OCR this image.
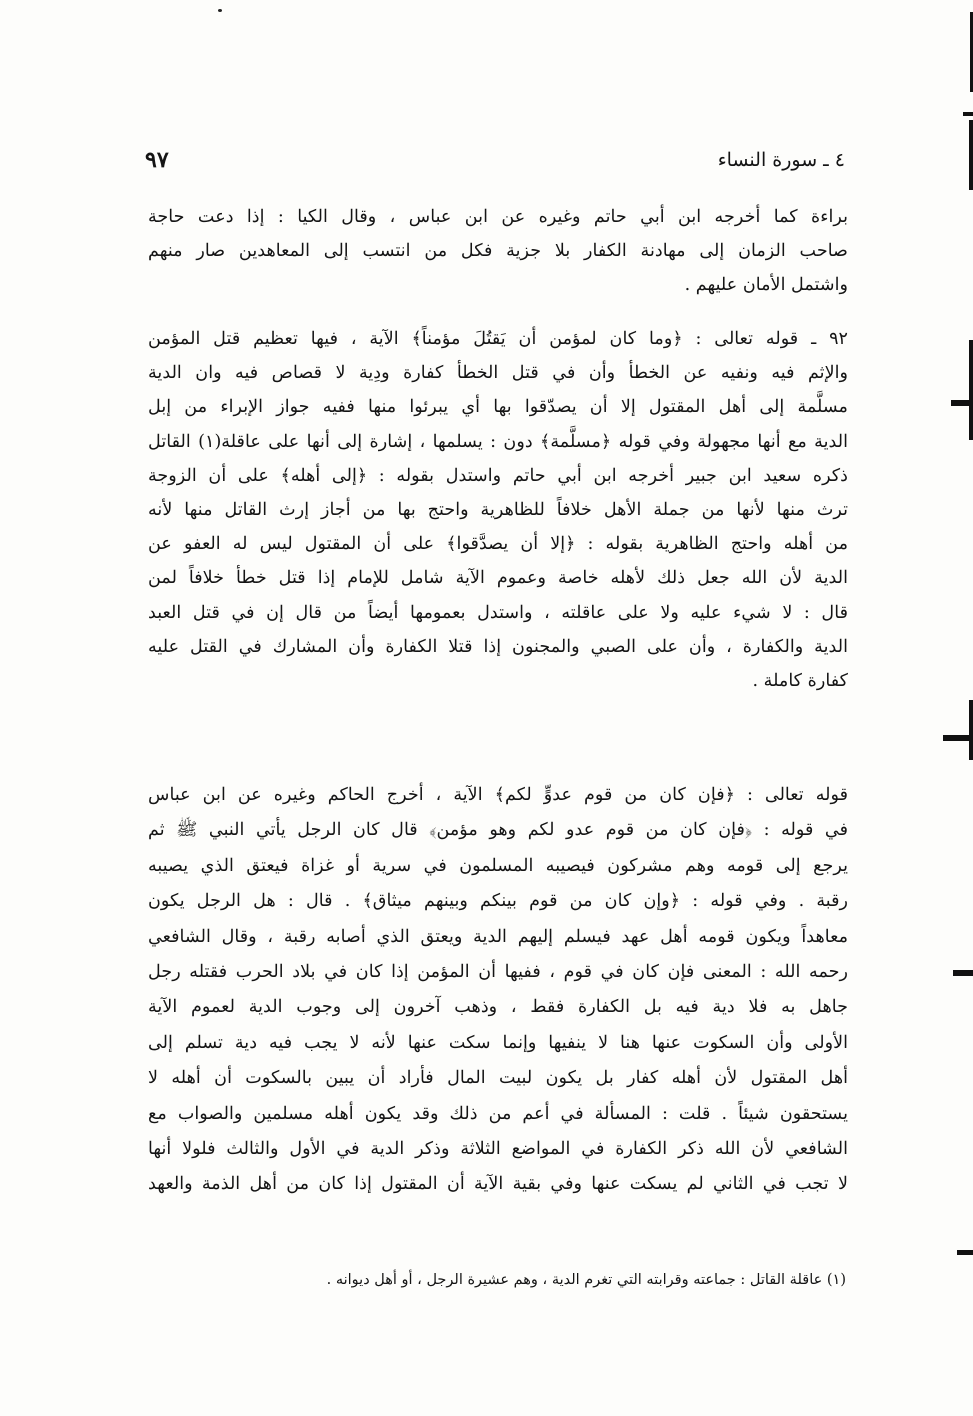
٤ ـ سورة النساء
٩٧
براءة كما أخرجه ابن أبي حاتم وغيره عن ابن عباس ، وقال الكيا : إذا دعت حاجة
صاحب الزمان إلى مهادنة الكفار بلا جزية فكل من انتسب إلى المعاهدين صار منهم
واشتمل الأمان عليهم .
٩٢ ـ قوله تعالى : ﴿وما كان لمؤمن أن يَقتُلَ مؤمناً﴾ الآية ، فيها تعظيم قتل المؤمن
والإثم فيه ونفيه عن الخطأ وأن في قتل الخطأ كفارة ودِية لا قصاص فيه وان الدية
مسلَّمة إلى أهل المقتول إلا أن يصدّقوا بها أي يبرئوا منها ففيه جواز الإبراء من إبل
الدية مع أنها مجهولة وفي قوله ﴿مسلَّمة﴾ دون : يسلمها ، إشارة إلى أنها على عاقلة(١) القاتل
ذكره سعيد ابن جبير أخرجه ابن أبي حاتم واستدل بقوله : ﴿إلى أهله﴾ على أن الزوجة
ترث منها لأنها من جملة الأهل خلافاً للظاهرية واحتج بها من أجاز إرث القاتل منها لأنه
من أهله واحتج الظاهرية بقوله : ﴿إلا أن يصدَّقوا﴾ على أن المقتول ليس له العفو عن
الدية لأن الله جعل ذلك لأهله خاصة وعموم الآية شامل للإمام إذا قتل خطأ خلافاً لمن
قال : لا شيء عليه ولا على عاقلته ، واستدل بعمومها أيضاً من قال إن في قتل العبد
الدية والكفارة ، وأن على الصبي والمجنون إذا قتلا الكفارة وأن المشارك في القتل عليه
كفارة كاملة .
قوله تعالى : ﴿فإن كان من قوم عدوٍّ لكم﴾ الآية ، أخرج الحاكم وغيره عن ابن عباس
في قوله : ﴿فإن كان من قوم عدو لكم وهو مؤمن﴾ قال كان الرجل يأتي النبي ﷺ ثم
يرجع إلى قومه وهم مشركون فيصيبه المسلمون في سرية أو غزاة فيعتق الذي يصيبه
رقبة . وفي قوله : ﴿وإن كان من قوم بينكم وبينهم ميثاق﴾ . قال : هل الرجل يكون
معاهداً ويكون قومه أهل عهد فيسلم إليهم الدية ويعتق الذي أصابه رقبة ، وقال الشافعي
رحمه الله : المعنى فإن كان في قوم ، ففيها أن المؤمن إذا كان في بلاد الحرب فقتله رجل
جاهل به فلا دية فيه بل الكفارة فقط ، وذهب آخرون إلى وجوب الدية لعموم الآية
الأولى وأن السكوت عنها هنا لا ينفيها وإنما سكت عنها لأنه لا يجب فيه دية تسلم إلى
أهل المقتول لأن أهله كفار بل يكون لبيت المال فأراد أن يبين بالسكوت أن أهله لا
يستحقون شيئاً . قلت : المسألة في أعم من ذلك وقد يكون أهله مسلمين والصواب مع
الشافعي لأن الله ذكر الكفارة في المواضع الثلاثة وذكر الدية في الأول والثالث فلولا أنها
لا تجب في الثاني لم يسكت عنها وفي بقية الآية أن المقتول إذا كان من أهل الذمة والعهد
(١) عاقلة القاتل : جماعته وقرابته التي تغرم الدية ، وهم عشيرة الرجل ، أو أهل ديوانه .
